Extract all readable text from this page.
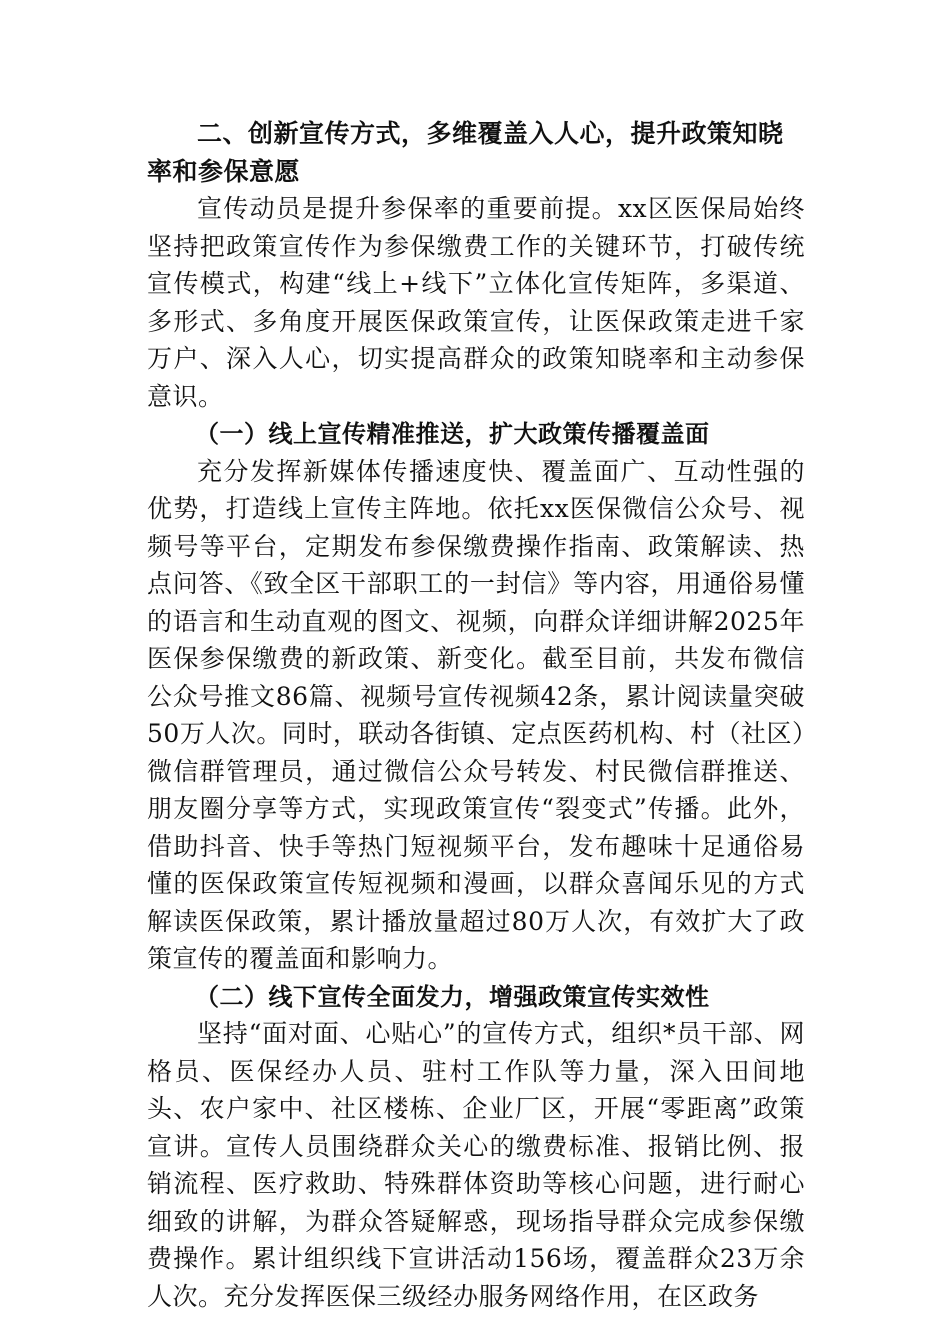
二、创新宣传方式，多维覆盖入人心，提升政策知晓率和参保意愿

宣传动员是提升参保率的重要前提。xx区医保局始终坚持把政策宣传作为参保缴费工作的关键环节，打破传统宣传模式，构建“线上+线下”立体化宣传矩阵，多渠道、多形式、多角度开展医保政策宣传，让医保政策走进千家万户、深入人心，切实提高群众的政策知晓率和主动参保意识。

（一）线上宣传精准推送，扩大政策传播覆盖面

充分发挥新媒体传播速度快、覆盖面广、互动性强的优势，打造线上宣传主阵地。依托xx医保微信公众号、视频号等平台，定期发布参保缴费操作指南、政策解读、热点问答、《致全区干部职工的一封信》等内容，用通俗易懂的语言和生动直观的图文、视频，向群众详细讲解2025年医保参保缴费的新政策、新变化。截至目前，共发布微信公众号推文86篇、视频号宣传视频42条，累计阅读量突破50万人次。同时，联动各街镇、定点医药机构、村（社区）微信群管理员，通过微信公众号转发、村民微信群推送、朋友圈分享等方式，实现政策宣传“裂变式”传播。此外，借助抖音、快手等热门短视频平台，发布趣味十足通俗易懂的医保政策宣传短视频和漫画，以群众喜闻乐见的方式解读医保政策，累计播放量超过80万人次，有效扩大了政策宣传的覆盖面和影响力。

（二）线下宣传全面发力，增强政策宣传实效性

坚持“面对面、心贴心”的宣传方式，组织*员干部、网格员、医保经办人员、驻村工作队等力量，深入田间地头、农户家中、社区楼栋、企业厂区，开展“零距离”政策宣讲。宣传人员围绕群众关心的缴费标准、报销比例、报销流程、医疗救助、特殊群体资助等核心问题，进行耐心细致的讲解，为群众答疑解惑，现场指导群众完成参保缴费操作。累计组织线下宣讲活动156场，覆盖群众23万余人次。充分发挥医保三级经办服务网络作用，在区政务
